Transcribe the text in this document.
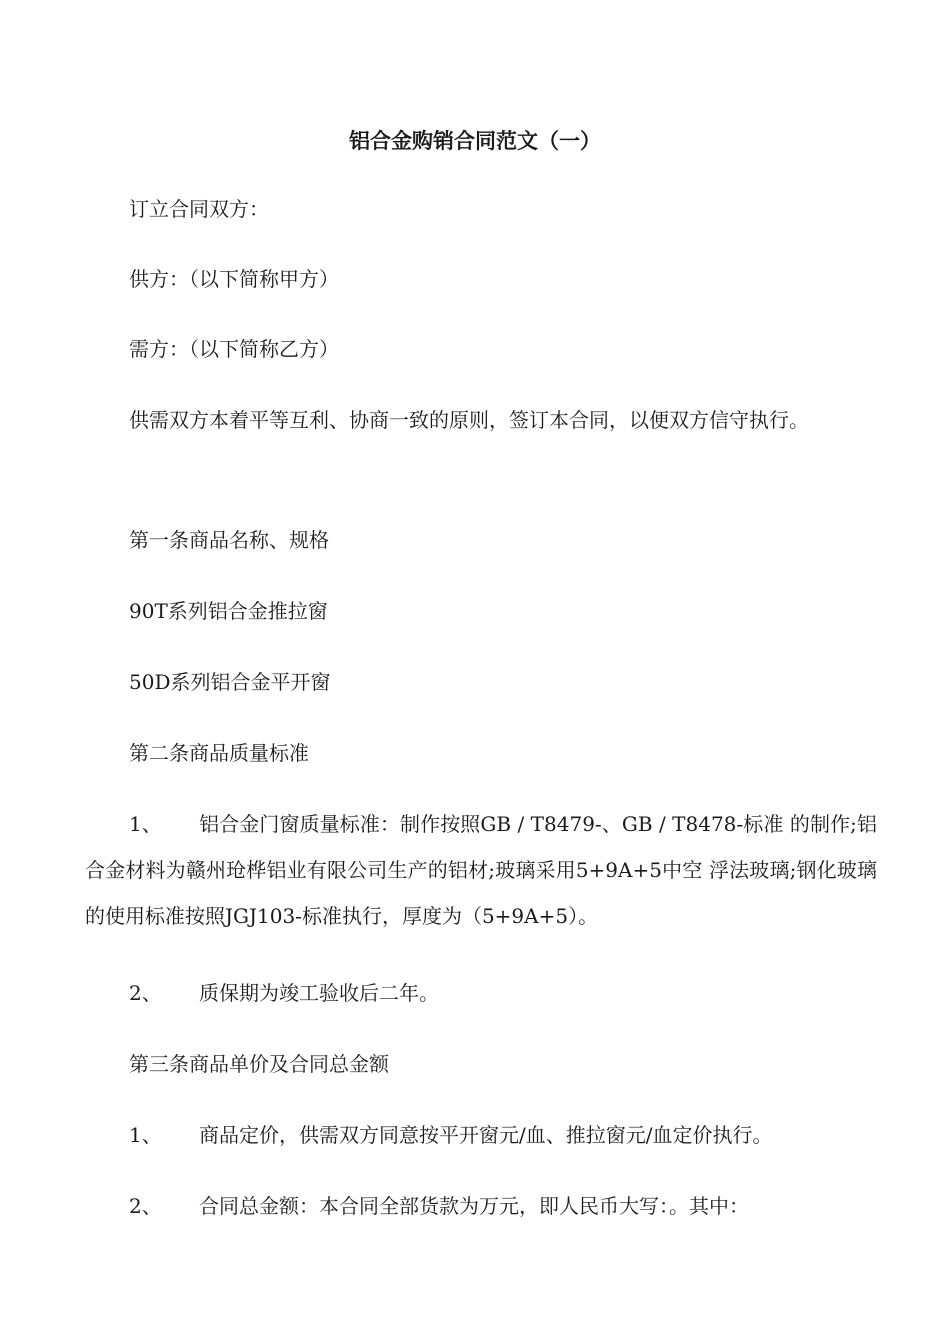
铝合金购销合同范文（一）

订立合同双方：

供方：（以下简称甲方）

需方：（以下简称乙方）

供需双方本着平等互利、协商一致的原则，签订本合同，以便双方信守执行。

第一条商品名称、规格

90T系列铝合金推拉窗

50D系列铝合金平开窗

第二条商品质量标准

1、 铝合金门窗质量标准：制作按照GB / T8479-、GB / T8478-标准 的制作;铝合金材料为赣州玱桦铝业有限公司生产的铝材;玻璃采用5+9A+5中空 浮法玻璃;钢化玻璃的使用标准按照JGJ103-标准执行，厚度为（5+9A+5）。

2、 质保期为竣工验收后二年。

第三条商品单价及合同总金额

1、 商品定价，供需双方同意按平开窗元/血、推拉窗元/血定价执行。

2、 合同总金额：本合同全部货款为万元，即人民币大写：。其中：
